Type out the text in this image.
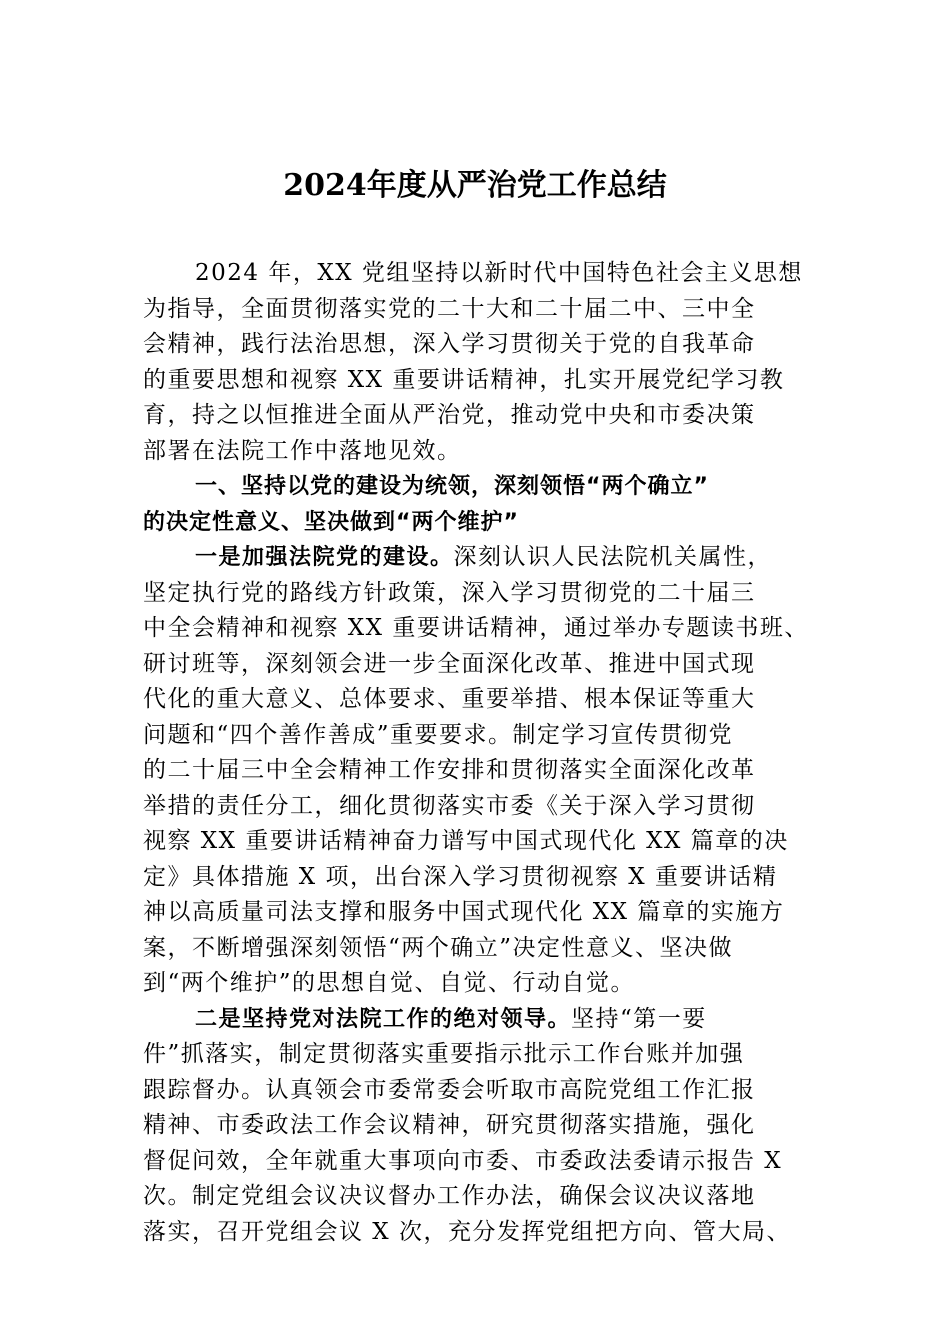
2024年度从严治党工作总结
2024 年，XX 党组坚持以新时代中国特色社会主义思想
为指导，全面贯彻落实党的二十大和二十届二中、三中全
会精神，践行法治思想，深入学习贯彻关于党的自我革命
的重要思想和视察 XX 重要讲话精神，扎实开展党纪学习教
育，持之以恒推进全面从严治党，推动党中央和市委决策
部署在法院工作中落地见效。
一、坚持以党的建设为统领，深刻领悟“两个确立”
的决定性意义、坚决做到“两个维护”
一是加强法院党的建设。深刻认识人民法院机关属性，
坚定执行党的路线方针政策，深入学习贯彻党的二十届三
中全会精神和视察 XX 重要讲话精神，通过举办专题读书班、
研讨班等，深刻领会进一步全面深化改革、推进中国式现
代化的重大意义、总体要求、重要举措、根本保证等重大
问题和“四个善作善成”重要要求。制定学习宣传贯彻党
的二十届三中全会精神工作安排和贯彻落实全面深化改革
举措的责任分工，细化贯彻落实市委《关于深入学习贯彻
视察 XX 重要讲话精神奋力谱写中国式现代化 XX 篇章的决
定》具体措施 X 项，出台深入学习贯彻视察 X 重要讲话精
神以高质量司法支撑和服务中国式现代化 XX 篇章的实施方
案，不断增强深刻领悟“两个确立”决定性意义、坚决做
到“两个维护”的思想自觉、自觉、行动自觉。
二是坚持党对法院工作的绝对领导。坚持“第一要
件”抓落实，制定贯彻落实重要指示批示工作台账并加强
跟踪督办。认真领会市委常委会听取市高院党组工作汇报
精神、市委政法工作会议精神，研究贯彻落实措施，强化
督促问效，全年就重大事项向市委、市委政法委请示报告 X
次。制定党组会议决议督办工作办法，确保会议决议落地
落实，召开党组会议 X 次，充分发挥党组把方向、管大局、
